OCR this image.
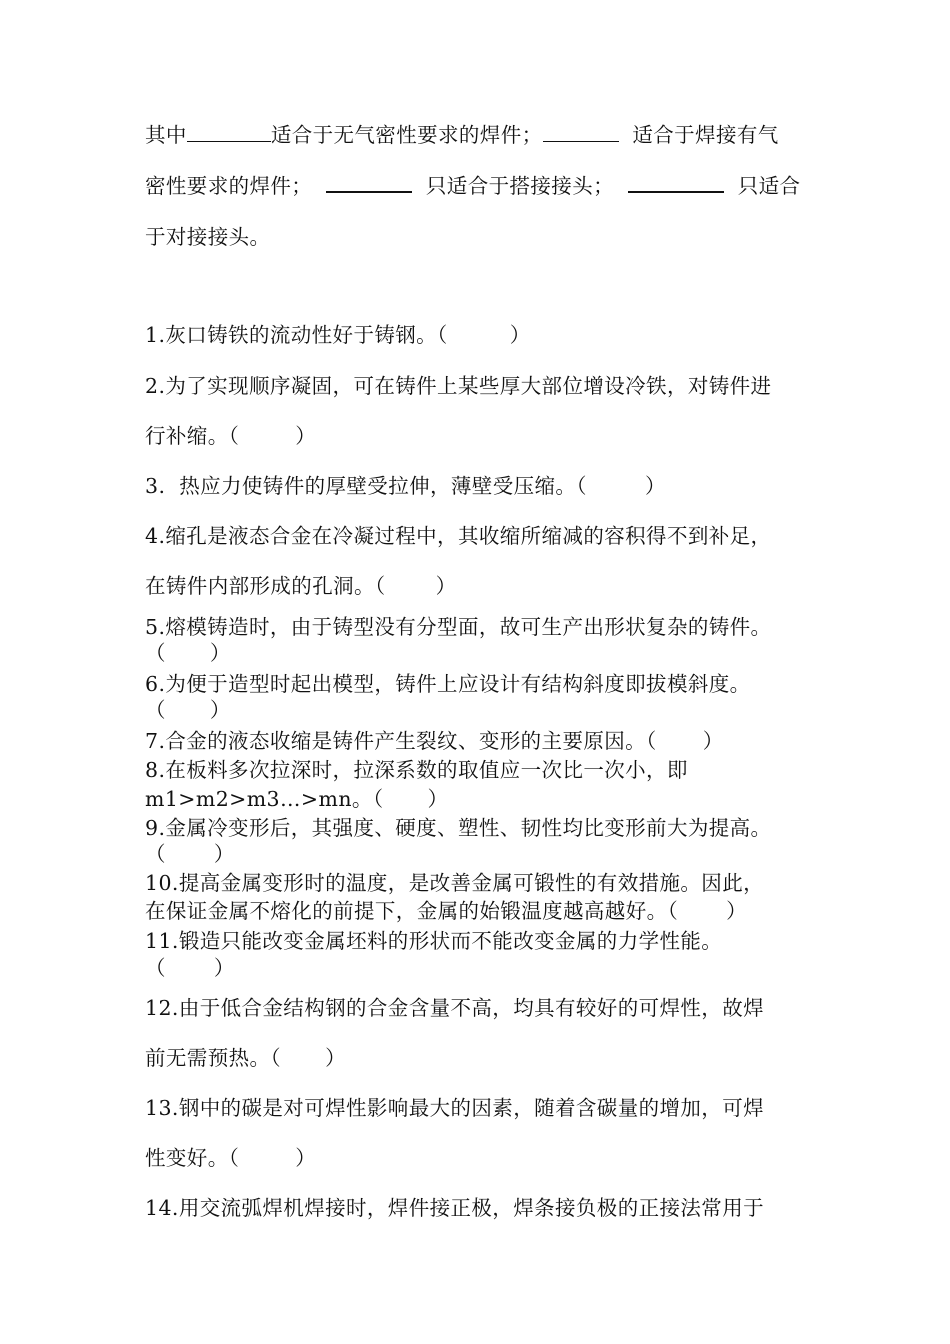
其中	适合于无气密性要求的焊件；	适合于焊接有气
密性要求的焊件；	只适合于搭接接头；	只适合
于对接接头。
1.灰口铸铁的流动性好于铸钢。（	）
2.为了实现顺序凝固，可在铸件上某些厚大部位增设冷铁，对铸件进
行补缩。（	）
3. 热应力使铸件的厚壁受拉伸，薄壁受压缩。（	）
4.缩孔是液态合金在冷凝过程中，其收缩所缩减的容积得不到补足，
在铸件内部形成的孔洞。（ ）
5.熔模铸造时，由于铸型没有分型面，故可生产出形状复杂的铸件。
（ ）
6.为便于造型时起出模型，铸件上应设计有结构斜度即拔模斜度。
（ ）
7.合金的液态收缩是铸件产生裂纹、变形的主要原因。（ ）
8.在板料多次拉深时，拉深系数的取值应一次比一次小，即
m1>m2>m3…>mn。（ ）
9.金属冷变形后，其强度、硬度、塑性、韧性均比变形前大为提高。
（ ）
10.提高金属变形时的温度，是改善金属可锻性的有效措施。因此，
在保证金属不熔化的前提下，金属的始锻温度越高越好。（ ）
11.锻造只能改变金属坯料的形状而不能改变金属的力学性能。
（ ）
12.由于低合金结构钢的合金含量不高，均具有较好的可焊性，故焊
前无需预热。（ ）
13.钢中的碳是对可焊性影响最大的因素，随着含碳量的增加，可焊
性变好。（	）
14.用交流弧焊机焊接时，焊件接正极，焊条接负极的正接法常用于
